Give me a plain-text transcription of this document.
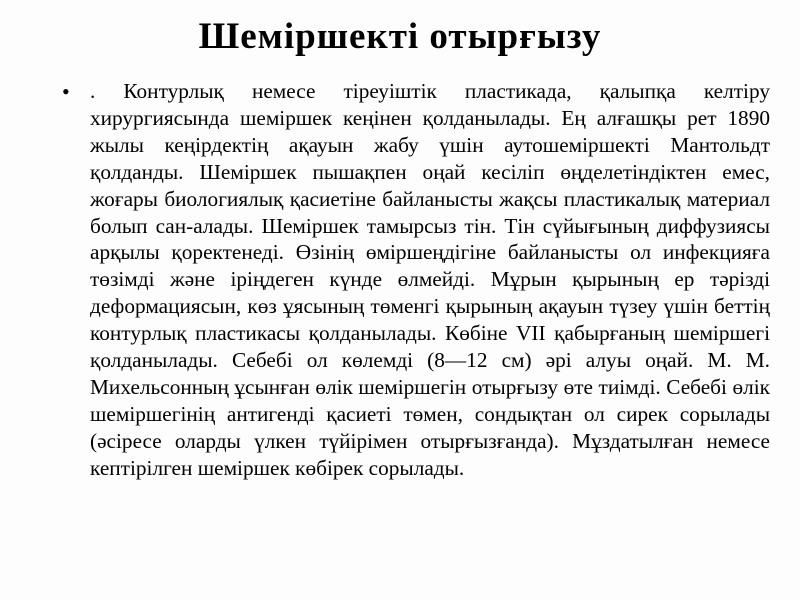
Шеміршекті отырғызу
• . Контурлық немесе тіреуіштік пластикада, қалыпқа келтіру хирургиясында шеміршек кеңінен қолданылады. Ең алғашқы рет 1890 жылы кеңірдектің ақауын жабу үшін аутошеміршекті Мантольдт қолданды. Шеміршек пышақпен оңай кесіліп өңделетіндіктен емес, жоғары биологиялық қасиетіне байланысты жақсы пластикалық материал болып сан-алады. Шеміршек тамырсыз тін. Тін сүйығының диффузиясы арқылы қоректенеді. Өзінің өміршеңдігіне байланысты ол инфекцияға төзімді және іріңдеген күнде өлмейді. Мұрын қырының ер тәрізді деформациясын, көз ұясының төменгі қырының ақауын түзеу үшін беттің контурлық пластикасы қолданылады. Көбіне VII қабырғаның шеміршегі қолданылады. Себебі ол көлемді (8—12 см) әрі алуы оңай. М. М. Михельсонның ұсынған өлік шеміршегін отырғызу өте тиімді. Себебі өлік шеміршегінің антигенді қасиеті төмен, сондықтан ол сирек сорылады (әсіресе оларды үлкен түйірімен отырғызғанда). Мұздатылған немесе кептірілген шеміршек көбірек сорылады.
